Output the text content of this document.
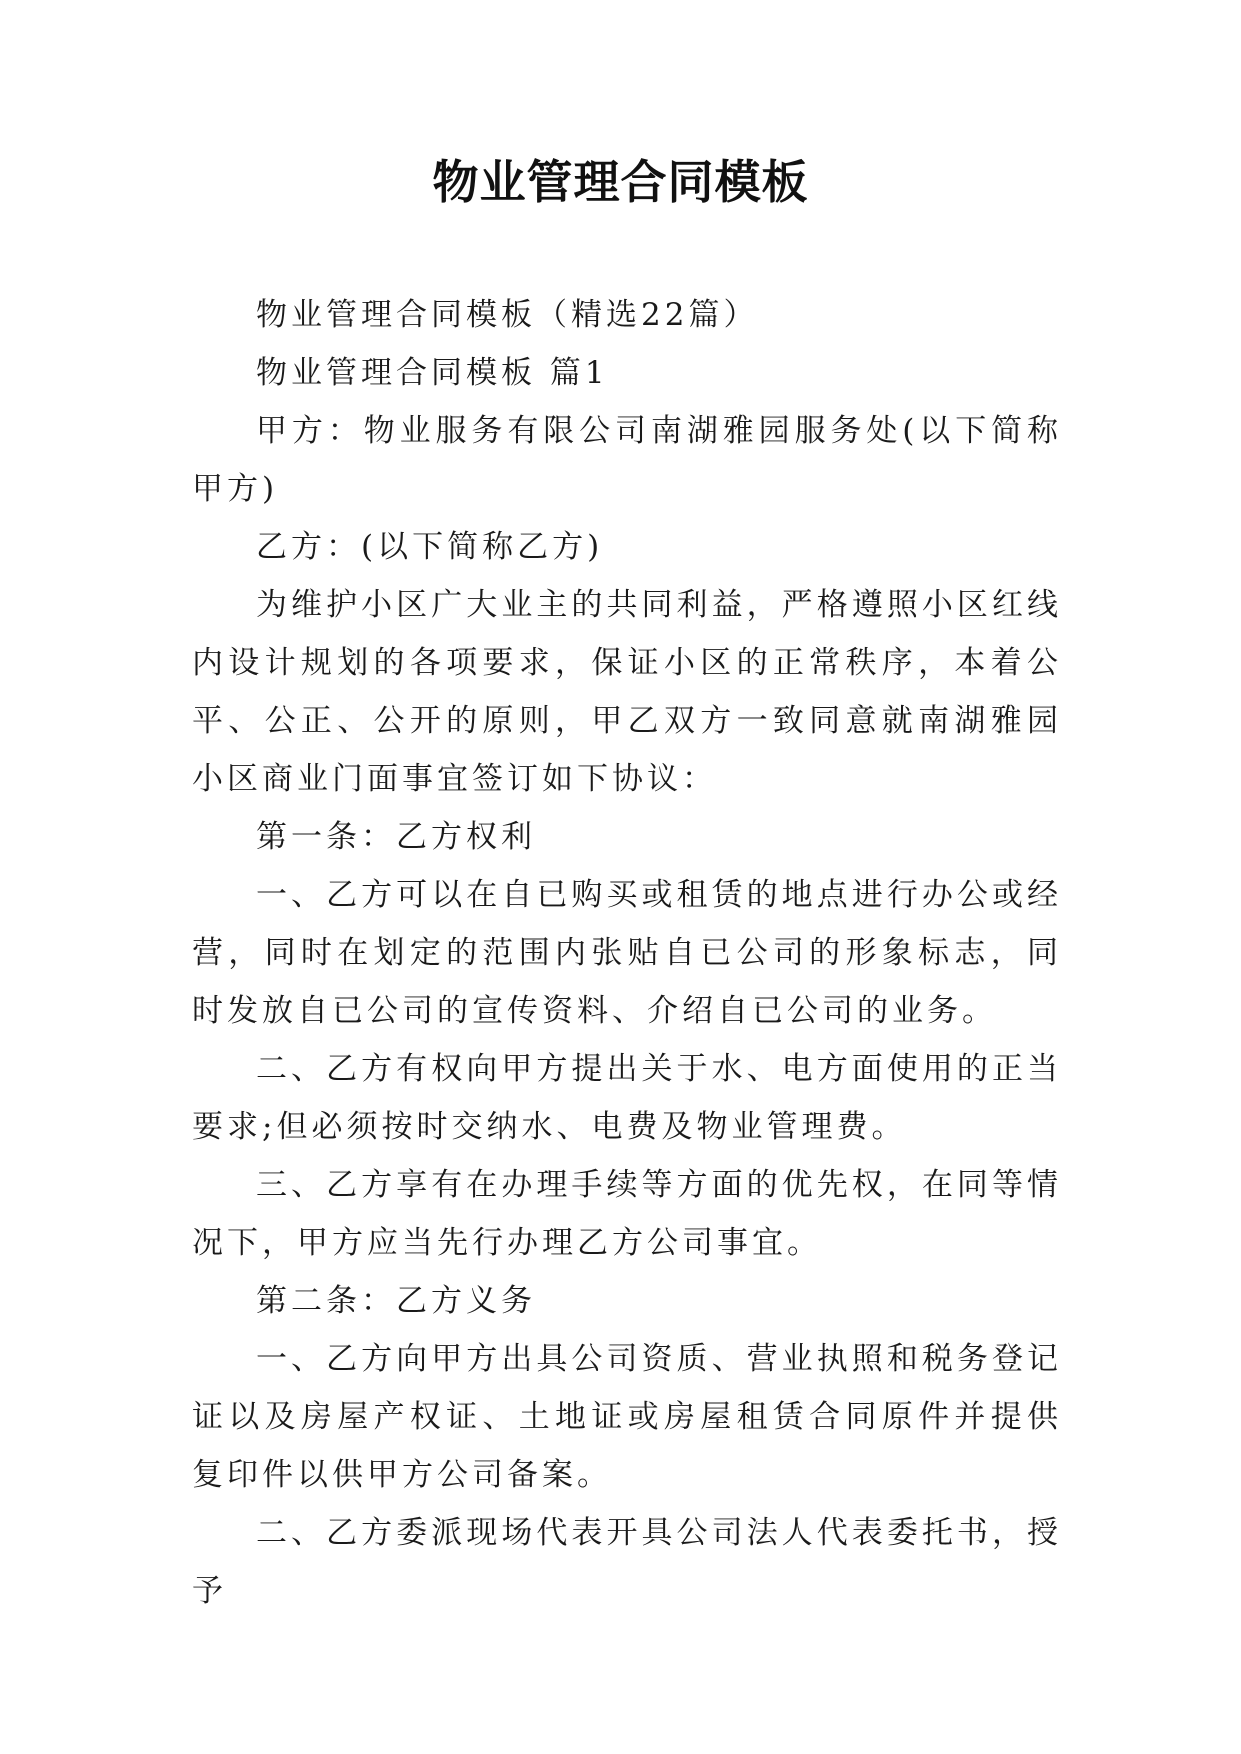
物业管理合同模板

物业管理合同模板（精选22篇）

物业管理合同模板 篇1

甲方：物业服务有限公司南湖雅园服务处(以下简称甲方)

乙方：(以下简称乙方)

为维护小区广大业主的共同利益，严格遵照小区红线内设计规划的各项要求，保证小区的正常秩序，本着公平、公正、公开的原则，甲乙双方一致同意就南湖雅园小区商业门面事宜签订如下协议：

第一条：乙方权利

一、乙方可以在自已购买或租赁的地点进行办公或经营，同时在划定的范围内张贴自已公司的形象标志，同时发放自已公司的宣传资料、介绍自已公司的业务。

二、乙方有权向甲方提出关于水、电方面使用的正当要求;但必须按时交纳水、电费及物业管理费。

三、乙方享有在办理手续等方面的优先权，在同等情况下，甲方应当先行办理乙方公司事宜。

第二条：乙方义务

一、乙方向甲方出具公司资质、营业执照和税务登记证以及房屋产权证、土地证或房屋租赁合同原件并提供复印件以供甲方公司备案。

二、乙方委派现场代表开具公司法人代表委托书，授予
